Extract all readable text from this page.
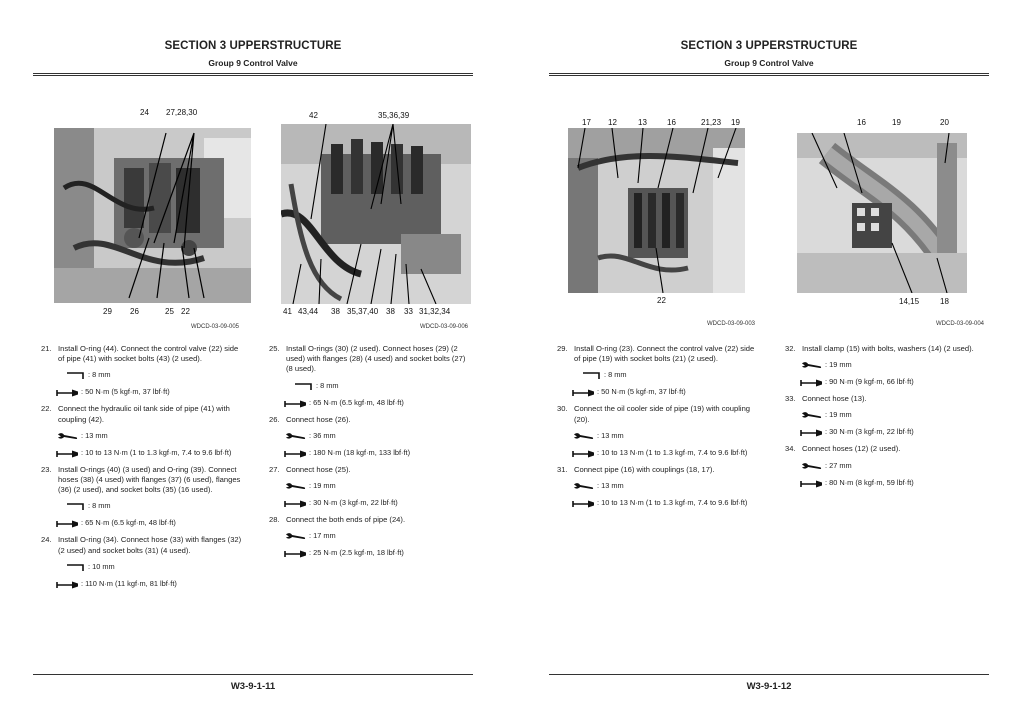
SECTION 3 UPPERSTRUCTURE
Group 9 Control Valve
24 27,28,30
29 26	25 22
WDCD-03-09-005
42	35,36,39
41 43,44 38 35,37,40 38 33 31,32,34
WDCD-03-09-006
21. Install O-ring (44). Connect the control valve (22) side of pipe (41) with socket bolts (43) (2 used).
: 8 mm
: 50 N·m (5 kgf·m, 37 lbf·ft)
22. Connect the hydraulic oil tank side of pipe (41) with coupling (42).
: 13 mm
: 10 to 13 N·m (1 to 1.3 kgf·m, 7.4 to 9.6 lbf·ft)
23. Install O-rings (40) (3 used) and O-ring (39). Connect hoses (38) (4 used) with flanges (37) (6 used), flanges (36) (2 used), and socket bolts (35) (16 used).
: 8 mm
: 65 N·m (6.5 kgf·m, 48 lbf·ft)
24. Install O-ring (34). Connect hose (33) with flanges (32) (2 used) and socket bolts (31) (4 used).
: 10 mm
: 110 N·m (11 kgf·m, 81 lbf·ft)
25. Install O-rings (30) (2 used). Connect hoses (29) (2 used) with flanges (28) (4 used) and socket bolts (27) (8 used).
: 8 mm
: 65 N·m (6.5 kgf·m, 48 lbf·ft)
26. Connect hose (26).
: 36 mm
: 180 N·m (18 kgf·m, 133 lbf·ft)
27. Connect hose (25).
: 19 mm
: 30 N·m (3 kgf·m, 22 lbf·ft)
28. Connect the both ends of pipe (24).
: 17 mm
: 25 N·m (2.5 kgf·m, 18 lbf·ft)
W3-9-1-11
SECTION 3 UPPERSTRUCTURE
Group 9 Control Valve
17 12	13	16	21,23 19
22
WDCD-03-09-003
16	19	20
14,15	18
WDCD-03-09-004
29. Install O-ring (23). Connect the control valve (22) side of pipe (19) with socket bolts (21) (2 used).
: 8 mm
: 50 N·m (5 kgf·m, 37 lbf·ft)
30. Connect the oil cooler side of pipe (19) with coupling (20).
: 13 mm
: 10 to 13 N·m (1 to 1.3 kgf·m, 7.4 to 9.6 lbf·ft)
31. Connect pipe (16) with couplings (18, 17).
: 13 mm
: 10 to 13 N·m (1 to 1.3 kgf·m, 7.4 to 9.6 lbf·ft)
32. Install clamp (15) with bolts, washers (14) (2 used).
: 19 mm
: 90 N·m (9 kgf·m, 66 lbf·ft)
33. Connect hose (13).
: 19 mm
: 30 N·m (3 kgf·m, 22 lbf·ft)
34. Connect hoses (12) (2 used).
: 27 mm
: 80 N·m (8 kgf·m, 59 lbf·ft)
W3-9-1-12
